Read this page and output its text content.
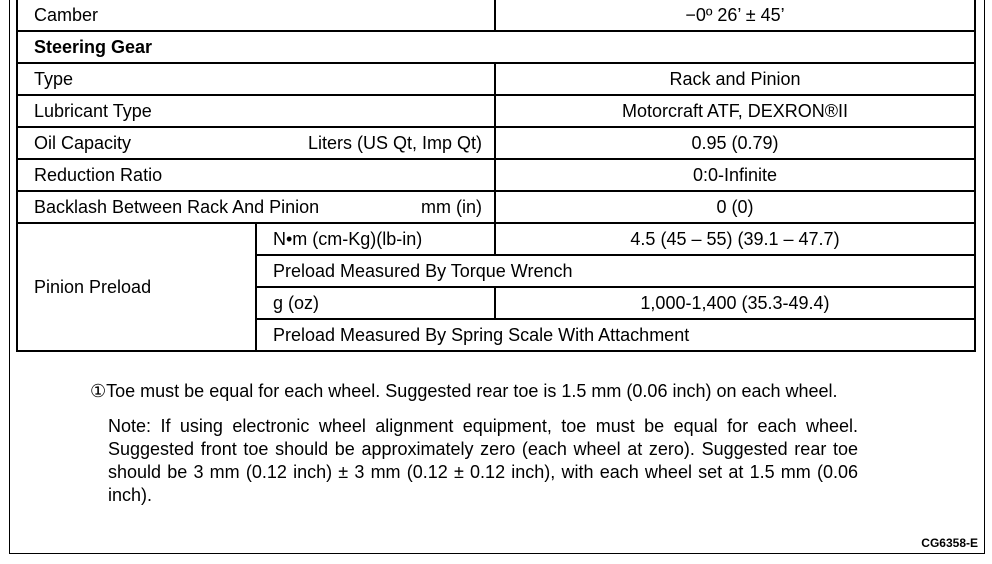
Camber		−0º 26’ ± 45’
Steering Gear		
Type		Rack and Pinion
Lubricant Type		Motorcraft ATF, DEXRON®II

Oil Capacity Liters (US Qt, Imp Qt)		0.95 (0.79)
Reduction Ratio		0:0-Infinite

Backlash Between Rack And Pinion mm (in)		0 (0)
Pinion Preload	N•m (cm-Kg)(lb-in)	4.5 (45 – 55) (39.1 – 47.7)
	Preload Measured By Torque Wrench	
	g (oz)	1,000-1,400 (35.3-49.4)
	Preload Measured By Spring Scale With Attachment	

①Toe must be equal for each wheel. Suggested rear toe is 1.5 mm (0.06 inch) on each wheel.

Note: If using electronic wheel alignment equipment, toe must be equal for each wheel. Suggested front toe should be approximately zero (each wheel at zero). Suggested rear toe should be 3 mm (0.12 inch) ± 3 mm (0.12 ± 0.12 inch), with each wheel set at 1.5 mm (0.06 inch).

CG6358-E
